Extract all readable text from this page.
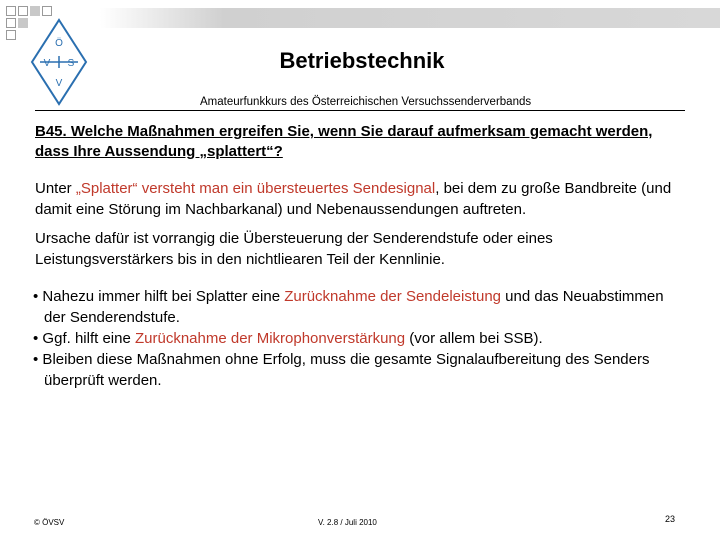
Ö
V S
V
Betriebstechnik
Amateurfunkkurs des Österreichischen Versuchssenderverbands
B45. Welche Maßnahmen ergreifen Sie, wenn Sie darauf aufmerksam gemacht werden, dass Ihre Aussendung „splattert“?
Unter „Splatter“ versteht man ein übersteuertes Sendesignal, bei dem zu große Bandbreite (und damit eine Störung im Nachbarkanal) und Nebenaussendungen auftreten.
Ursache dafür ist vorrangig die Übersteuerung der Senderendstufe oder eines Leistungsverstärkers bis in den nichtliearen Teil der Kennlinie.
• Nahezu immer hilft bei Splatter eine Zurücknahme der Sendeleistung und das Neuabstimmen der Senderendstufe.
• Ggf. hilft eine Zurücknahme der Mikrophonverstärkung (vor allem bei SSB).
• Bleiben diese Maßnahmen ohne Erfolg, muss die gesamte Signalaufbereitung des Senders überprüft werden.
© ÖVSV	V. 2.8 / Juli 2010	23
